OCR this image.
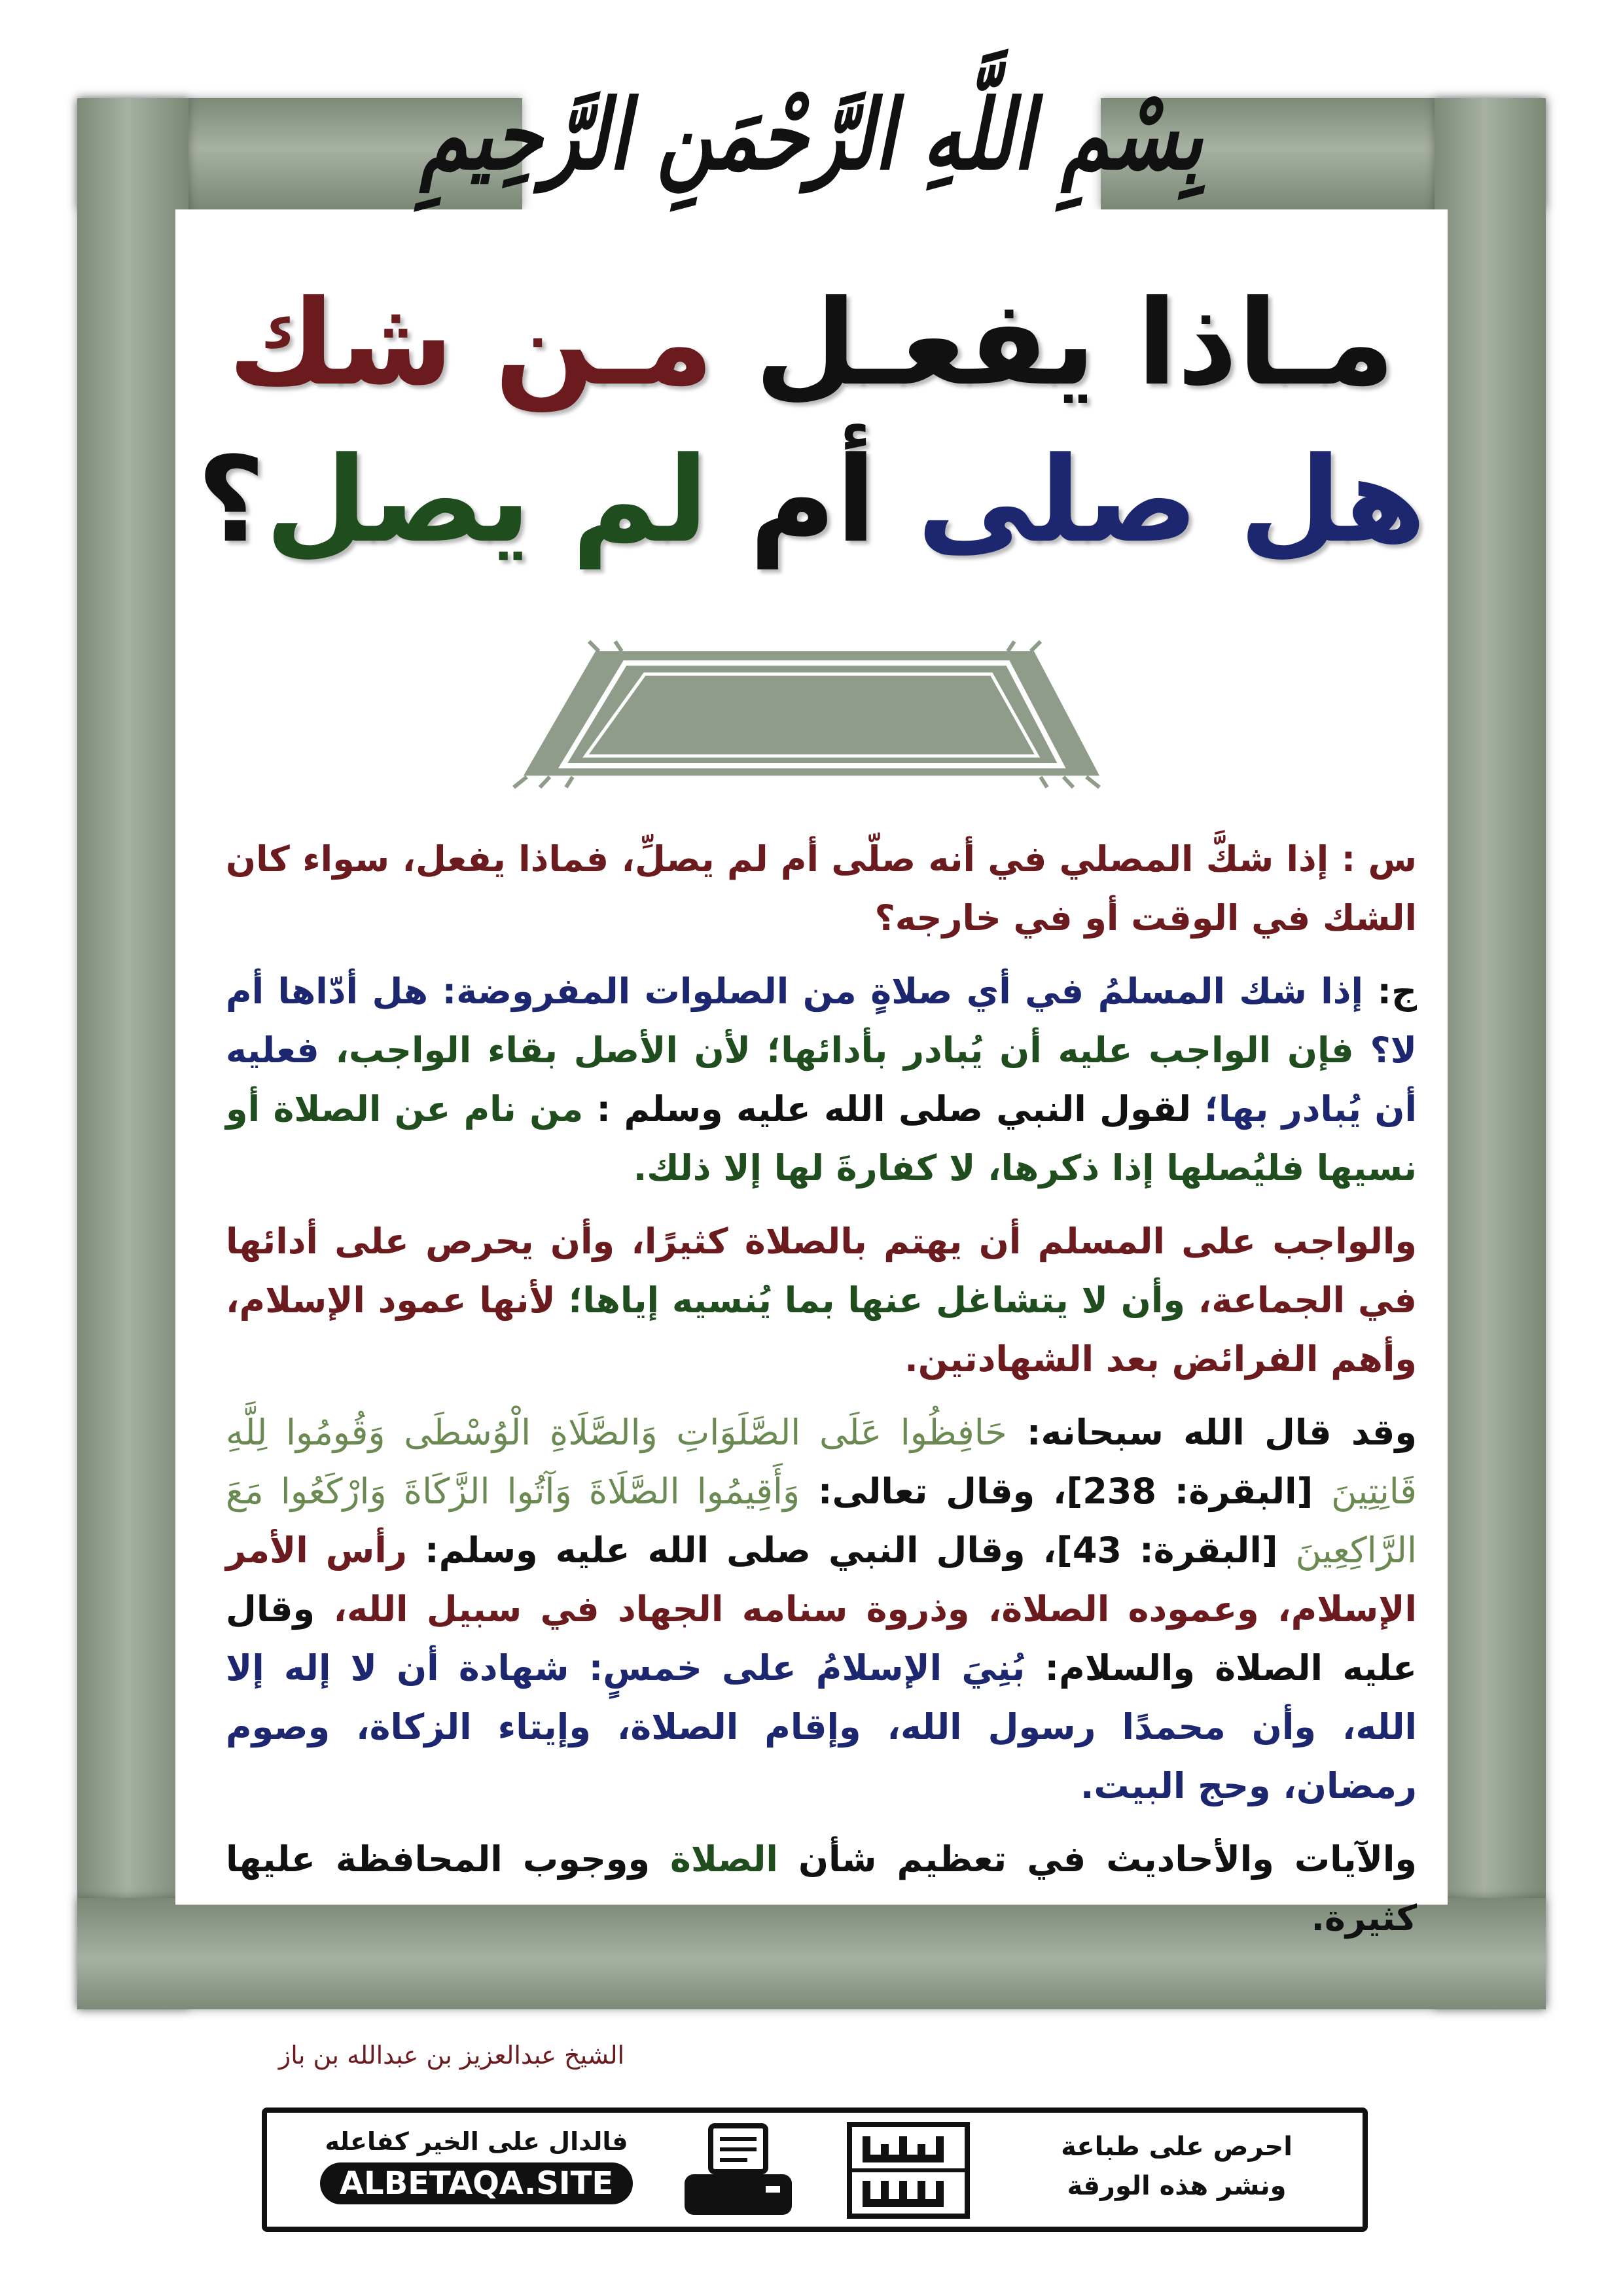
بِسْمِ اللَّهِ الرَّحْمَنِ الرَّحِيمِ
مـاذا يفعـل مـن شك
هل صلى أم لم يصل؟

س : إذا شكَّ المصلي في أنه صلّى أم لم يصلِّ، فماذا يفعل، سواء كان الشك في الوقت أو في خارجه؟

ج: إذا شك المسلمُ في أي صلاةٍ من الصلوات المفروضة: هل أدّاها أم لا؟ فإن الواجب عليه أن يُبادر بأدائها؛ لأن الأصل بقاء الواجب، فعليه أن يُبادر بها؛ لقول النبي صلى الله عليه وسلم : من نام عن الصلاة أو نسيها فليُصلها إذا ذكرها، لا كفارةَ لها إلا ذلك.

والواجب على المسلم أن يهتم بالصلاة كثيرًا، وأن يحرص على أدائها في الجماعة، وأن لا يتشاغل عنها بما يُنسيه إياها؛ لأنها عمود الإسلام، وأهم الفرائض بعد الشهادتين.

وقد قال الله سبحانه: حَافِظُوا عَلَى الصَّلَوَاتِ وَالصَّلَاةِ الْوُسْطَى وَقُومُوا لِلَّهِ قَانِتِينَ [البقرة: 238]، وقال تعالى: وَأَقِيمُوا الصَّلَاةَ وَآتُوا الزَّكَاةَ وَارْكَعُوا مَعَ الرَّاكِعِينَ [البقرة: 43]، وقال النبي صلى الله عليه وسلم: رأس الأمر الإسلام، وعموده الصلاة، وذروة سنامه الجهاد في سبيل الله، وقال عليه الصلاة والسلام: بُنِيَ الإسلامُ على خمسٍ: شهادة أن لا إله إلا الله، وأن محمدًا رسول الله، وإقام الصلاة، وإيتاء الزكاة، وصوم رمضان، وحج البيت.

والآيات والأحاديث في تعظيم شأن الصلاة ووجوب المحافظة عليها كثيرة.

الشيخ عبدالعزيز بن عبدالله بن باز
فالدال على الخير كفاعله
ALBETAQA.SITE
احرص على طباعة
ونشر هذه الورقة
